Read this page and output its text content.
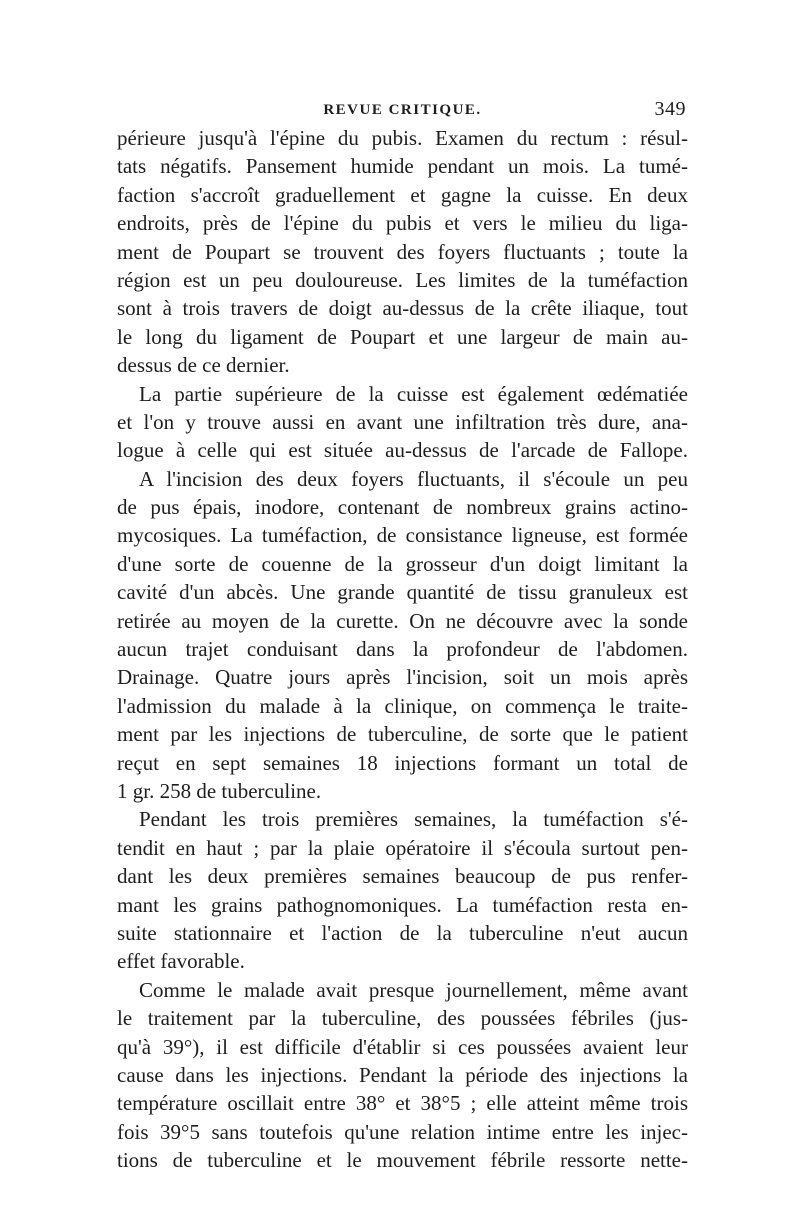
REVUE CRITIQUE.	349
périeure jusqu'à l'épine du pubis. Examen du rectum : résul-
tats négatifs. Pansement humide pendant un mois. La tumé-
faction s'accroît graduellement et gagne la cuisse. En deux
endroits, près de l'épine du pubis et vers le milieu du liga-
ment de Poupart se trouvent des foyers fluctuants ; toute la
région est un peu douloureuse. Les limites de la tuméfaction
sont à trois travers de doigt au-dessus de la crête iliaque, tout
le long du ligament de Poupart et une largeur de main au-
dessus de ce dernier.
La partie supérieure de la cuisse est également œdématiée
et l'on y trouve aussi en avant une infiltration très dure, ana-
logue à celle qui est située au-dessus de l'arcade de Fallope.
A l'incision des deux foyers fluctuants, il s'écoule un peu
de pus épais, inodore, contenant de nombreux grains actino-
mycosiques. La tuméfaction, de consistance ligneuse, est formée
d'une sorte de couenne de la grosseur d'un doigt limitant la
cavité d'un abcès. Une grande quantité de tissu granuleux est
retirée au moyen de la curette. On ne découvre avec la sonde
aucun trajet conduisant dans la profondeur de l'abdomen.
Drainage. Quatre jours après l'incision, soit un mois après
l'admission du malade à la clinique, on commença le traite-
ment par les injections de tuberculine, de sorte que le patient
reçut en sept semaines 18 injections formant un total de
1 gr. 258 de tuberculine.
Pendant les trois premières semaines, la tuméfaction s'é-
tendit en haut ; par la plaie opératoire il s'écoula surtout pen-
dant les deux premières semaines beaucoup de pus renfer-
mant les grains pathognomoniques. La tuméfaction resta en-
suite stationnaire et l'action de la tuberculine n'eut aucun
effet favorable.
Comme le malade avait presque journellement, même avant
le traitement par la tuberculine, des poussées fébriles (jus-
qu'à 39°), il est difficile d'établir si ces poussées avaient leur
cause dans les injections. Pendant la période des injections la
température oscillait entre 38° et 38°5 ; elle atteint même trois
fois 39°5 sans toutefois qu'une relation intime entre les injec-
tions de tuberculine et le mouvement fébrile ressorte nette-
